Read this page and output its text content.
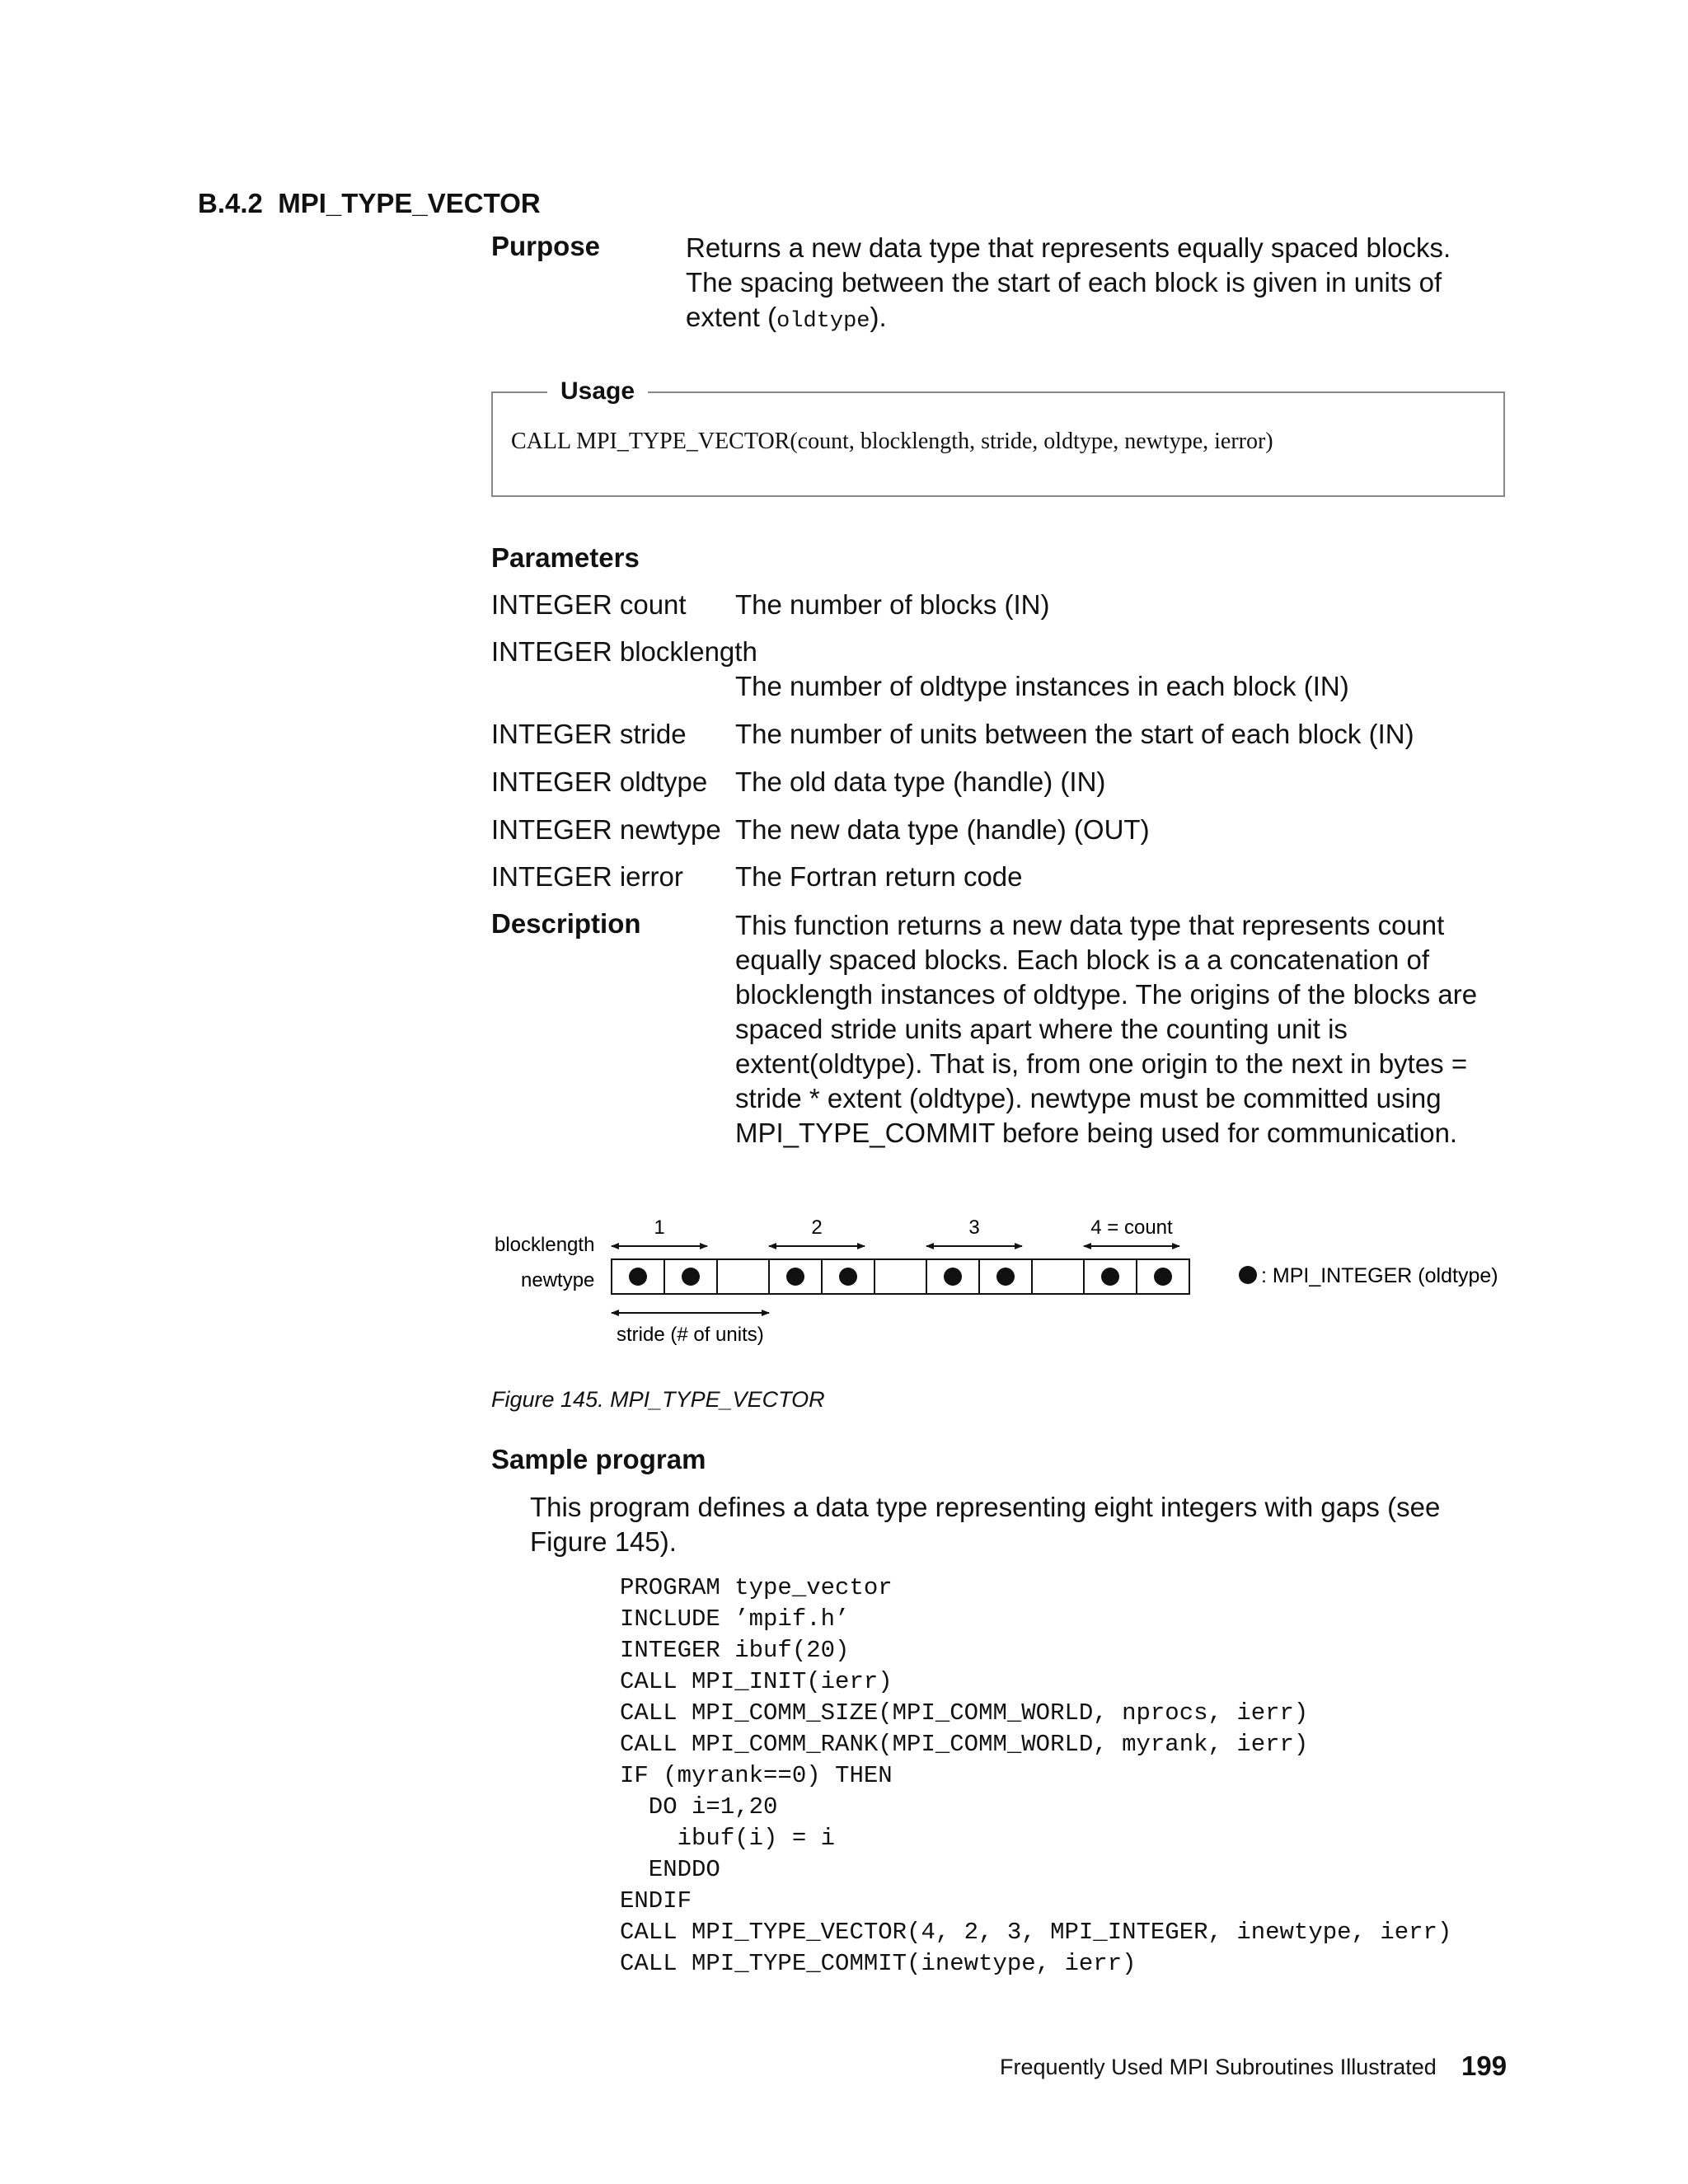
B.4.2 MPI_TYPE_VECTOR
Purpose	Returns a new data type that represents equally spaced blocks.
The spacing between the start of each block is given in units of
extent (oldtype).
Usage
CALL MPI_TYPE_VECTOR(count, blocklength, stride, oldtype, newtype, ierror)
Parameters
INTEGER count The number of blocks (IN)
INTEGER blocklength
The number of oldtype instances in each block (IN)
INTEGER stride The number of units between the start of each block (IN)
INTEGER oldtype The old data type (handle) (IN)
INTEGER newtype The new data type (handle) (OUT)
INTEGER ierror The Fortran return code
Description	This function returns a new data type that represents count
equally spaced blocks. Each block is a a concatenation of
blocklength instances of oldtype. The origins of the blocks are
spaced stride units apart where the counting unit is
extent(oldtype). That is, from one origin to the next in bytes =
stride * extent (oldtype). newtype must be committed using
MPI_TYPE_COMMIT before being used for communication.
blocklength
newtype
1	2	3	4 = count
stride (# of units)
: MPI_INTEGER (oldtype)
Figure 145. MPI_TYPE_VECTOR
Sample program
This program defines a data type representing eight integers with gaps (see
Figure 145).
PROGRAM type_vector
INCLUDE ’mpif.h’
INTEGER ibuf(20)
CALL MPI_INIT(ierr)
CALL MPI_COMM_SIZE(MPI_COMM_WORLD, nprocs, ierr)
CALL MPI_COMM_RANK(MPI_COMM_WORLD, myrank, ierr)
IF (myrank==0) THEN
DO i=1,20
ibuf(i) = i
ENDDO
ENDIF
CALL MPI_TYPE_VECTOR(4, 2, 3, MPI_INTEGER, inewtype, ierr)
CALL MPI_TYPE_COMMIT(inewtype, ierr)
Frequently Used MPI Subroutines Illustrated 199
